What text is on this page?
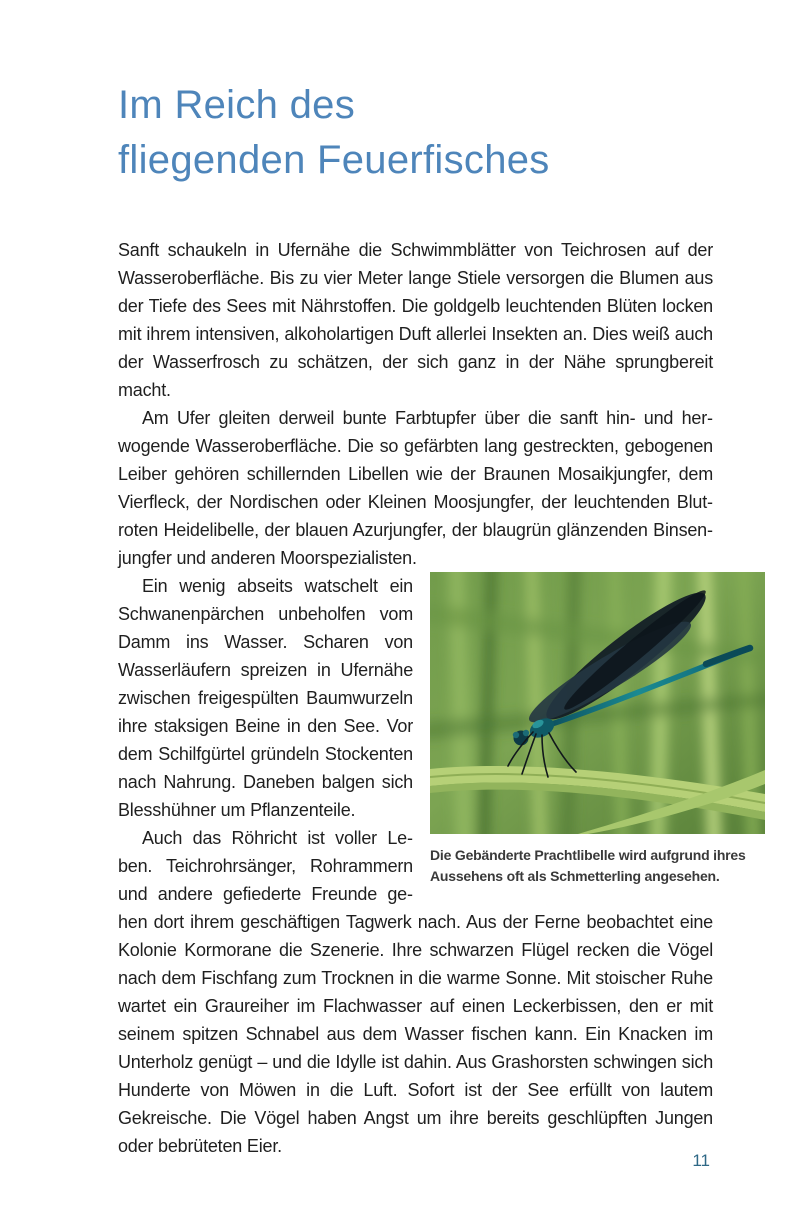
Im Reich des
fliegenden Feuerfisches

Sanft schaukeln in Ufernähe die Schwimmblätter von Teichrosen auf der Wasseroberfläche. Bis zu vier Meter lange Stiele versorgen die Blumen aus der Tiefe des Sees mit Nährstoffen. Die goldgelb leuchtenden Blüten locken mit ihrem intensiven, alkoholartigen Duft allerlei Insekten an. Dies weiß auch der Wasserfrosch zu schätzen, der sich ganz in der Nähe sprungbereit macht.

Am Ufer gleiten derweil bunte Farbtupfer über die sanft hin- und herwogende Wasseroberfläche. Die so gefärbten lang gestreckten, gebogenen Leiber gehören schillernden Libellen wie der Braunen Mosaikjungfer, dem Vierfleck, der Nordischen oder Kleinen Moosjungfer, der leuchtenden Blutroten Heidelibelle, der blauen Azurjungfer, der blaugrün glänzenden Binsenjungfer und anderen Moorspezialisten.

Die Gebänderte Prachtlibelle wird aufgrund ihres Aussehens oft als Schmetterling angesehen.

Ein wenig abseits watschelt ein Schwanenpärchen unbeholfen vom Damm ins Wasser. Scharen von Wasserläufern spreizen in Ufernähe zwischen freigespülten Baumwurzeln ihre staksigen Beine in den See. Vor dem Schilfgürtel gründeln Stockenten nach Nahrung. Daneben balgen sich Blesshühner um Pflanzenteile.

Auch das Röhricht ist voller Leben. Teichrohrsänger, Rohrammern und andere gefiederte Freunde gehen dort ihrem geschäftigen Tagwerk nach. Aus der Ferne beobachtet eine Kolonie Kormorane die Szenerie. Ihre schwarzen Flügel recken die Vögel nach dem Fischfang zum Trocknen in die warme Sonne. Mit stoischer Ruhe wartet ein Graureiher im Flachwasser auf einen Leckerbissen, den er mit seinem spitzen Schnabel aus dem Wasser fischen kann. Ein Knacken im Unterholz genügt – und die Idylle ist dahin. Aus Grashorsten schwingen sich Hunderte von Möwen in die Luft. Sofort ist der See erfüllt von lautem Gekreische. Die Vögel haben Angst um ihre bereits geschlüpften Jungen oder bebrüteten Eier.

11
